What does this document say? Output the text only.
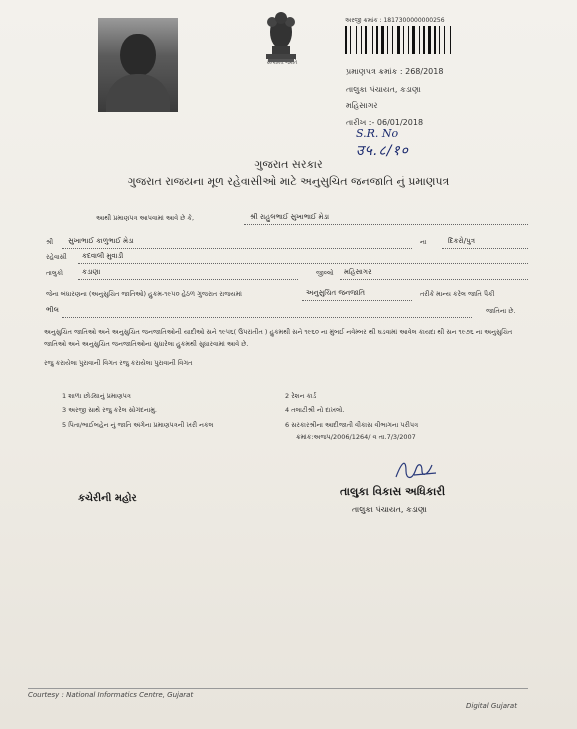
સત્યમેવ જયતે
અરજી ક્રમાંક : 1817300000000256
પ્રમાણપત્ર ક્રમાંક : 268/2018
તાલુકા પંચાયત, કડાણા
મહિસાગર
તારીખ :- 06/01/2018
S.R. No
उ५.८/१०
ગુજરાત સરકાર
ગુજરાત રાજયના મૂળ રહેવાસીઓ માટે અનુસુચિત જનજાતિ નું પ્રમાણપત્ર
આથી પ્રમાણપત્ર આપવામાં આવે છે કે,	શ્રી રાહુલભાઈ સુખાભાઈ મેડા
શ્રી સુખાભાઈ કાળુભાઈ મેડા	ના	દિકરો/પુત્ર
રહેવાસી કદવાલી મુવાડી
તાલુકો	કડાણા	જીલ્લો મહિસાગર
જેના બંધારણના (અનુસુચિત જાતિઓ) હુકમ-૧૯૫૦ હેઠળ ગુજરાત રાજયમાં	અનુસુચિત જનજાતિ	તરીકે માન્ય કરેલ જાતિ પૈકી
ભીલ	જાતિના છે.
અનુસુચિત જાતિઓ અને અનુસુચિત જનજાતિઓની યાદીઓ સને ૧૯૫૬( ઉપરાંતીત ) હુકમથી સને ૧૯૬૦ ના મુંબઈ નવેમ્બર થી ઘડવામાં આવેલ કાયદા થી સન ૧૯૭૬ ના અનુસુચિત જાતિઓ અને અનુસુચિત જનજાતિઓના સુધારેલા હુકમથી સુધારવામાં આવે છે.
રજુ કરાયેલા પુરાવાની વિગત રજુ કરાયેલા પુરાવાની વિગત
1 શાળા છોડ્યાનું પ્રમાણપત્ર
3 અરજી સાથે રજુ કરેલ સોગંદનામુ.
5 પિતા/ભાઈબહેન નું જાતિ અંગેના પ્રમાણપત્રની ખરી નકલ
2 રેશન કાર્ડ
4 તલાટીશ્રી નો દાખલો.
6 સરકારશ્રીના આદીજાતી વીકાસ વીભાગના પરીપત્ર
ક્રમાંક:અજપ/2006/1264/ વ તા.7/3/2007
કચેરીની મહોર
તાલુકા વિકાસ અધિકારી
તાલુકા પંચાયત, કડાણા
Courtesy : National Informatics Centre, Gujarat
Digital Gujarat
